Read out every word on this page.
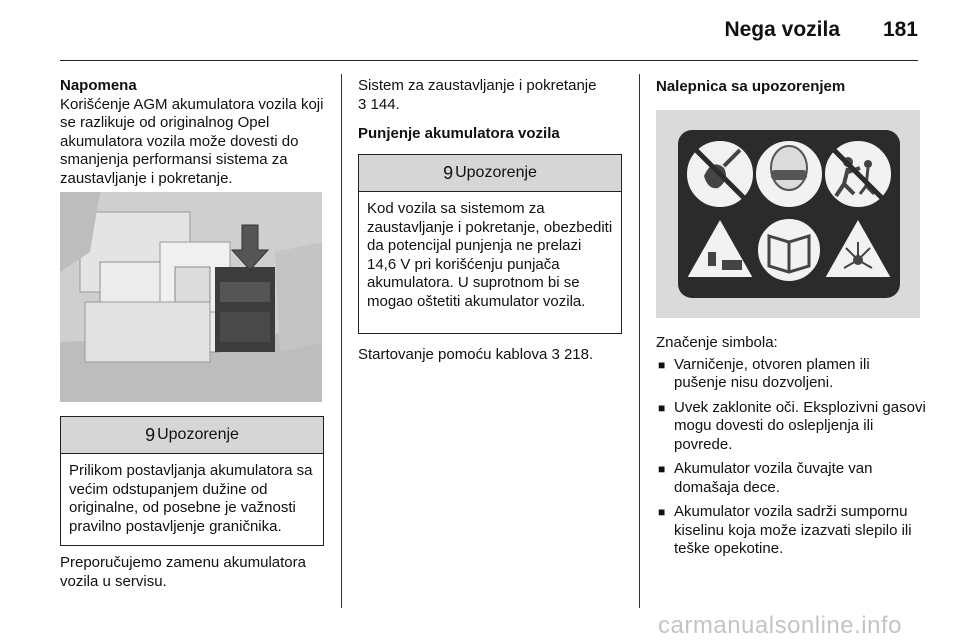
Nega vozila 181
Napomena
Korišćenje AGM akumulatora vozila koji se razlikuje od originalnog Opel akumulatora vozila može dovesti do smanjenja performansi sistema za zaustavljanje i pokretanje.
9 Upozorenje
Prilikom postavljanja akumulatora sa većim odstupanjem dužine od originalne, od posebne je važnosti pravilno postavljenje graničnika.
Preporučujemo zamenu akumulatora vozila u servisu.
Sistem za zaustavljanje i pokretanje
3 144.
Punjenje akumulatora vozila
9 Upozorenje
Kod vozila sa sistemom za zaustavljanje i pokretanje, obezbediti da potencijal punjenja ne prelazi 14,6 V pri korišćenju punjača akumulatora. U suprotnom bi se mogao oštetiti akumulator vozila.
Startovanje pomoću kablova 3 218.
Nalepnica sa upozorenjem
Značenje simbola:
■ Varničenje, otvoren plamen ili pušenje nisu dozvoljeni.
■ Uvek zaklonite oči. Eksplozivni gasovi mogu dovesti do oslepljenja ili povrede.
■ Akumulator vozila čuvajte van domašaja dece.
■ Akumulator vozila sadrži sumpornu kiselinu koja može izazvati slepilo ili teške opekotine.
carmanualsonline.info
